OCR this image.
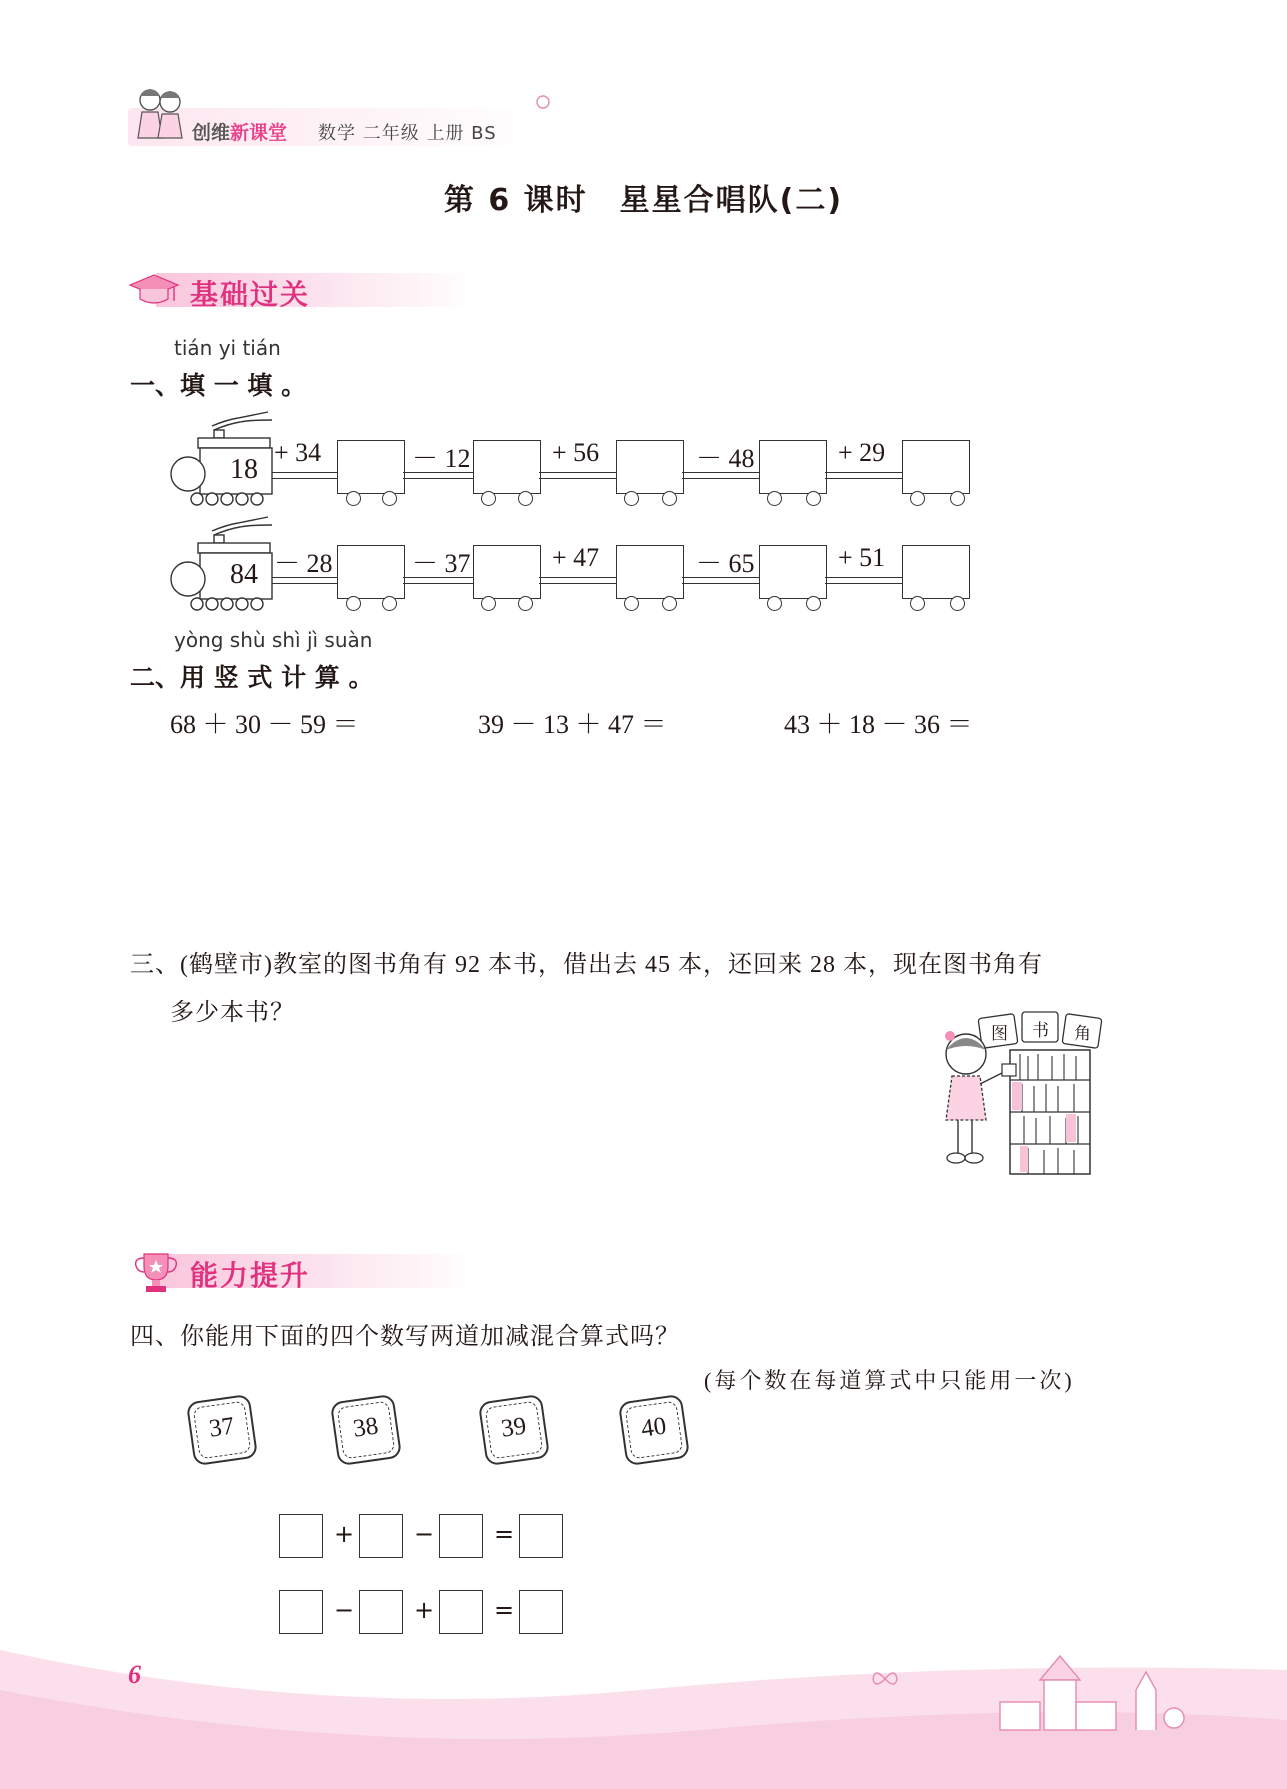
创维新课堂 数学 二年级 上册 BS
第 6 课时　星星合唱队(二)
基础过关
tián yi tián
一、填 一 填 。
18
+ 34	－ 12	+ 56	－ 48	+ 29
84 － 28	－ 37	+ 47	－ 65	+ 51
yòng shù shì jì suàn
二、用 竖 式 计 算 。
68 ＋ 30 － 59 ＝	39 － 13 ＋ 47 ＝	43 ＋ 18 － 36 ＝
三、(鹤壁市)教室的图书角有 92 本书，借出去 45 本，还回来 28 本，现在图书角有
多少本书？
图 书 角
能力提升
四、你能用下面的四个数写两道加减混合算式吗？
(每个数在每道算式中只能用一次)
37	38	39	40
+ − =
− + =
6
